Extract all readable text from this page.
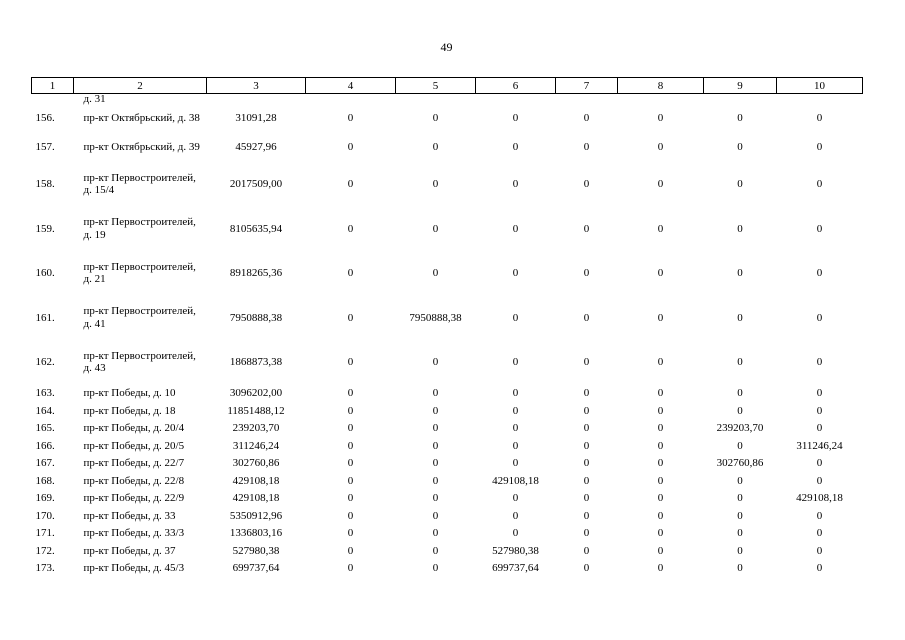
49
1	2	3	4	5	6	7	8	9	10
	д. 31								
156.	пр-кт Октябрьский, д. 38	31091,28	0	0	0	0	0	0	0
157.	пр-кт Октябрьский, д. 39	45927,96	0	0	0	0	0	0	0
158.	пр-кт Первостроителей, д. 15/4	2017509,00	0	0	0	0	0	0	0
159.	пр-кт Первостроителей, д. 19	8105635,94	0	0	0	0	0	0	0
160.	пр-кт Первостроителей, д. 21	8918265,36	0	0	0	0	0	0	0
161.	пр-кт Первостроителей, д. 41	7950888,38	0	7950888,38	0	0	0	0	0
162.	пр-кт Первостроителей, д. 43	1868873,38	0	0	0	0	0	0	0
163.	пр-кт Победы, д. 10	3096202,00	0	0	0	0	0	0	0
164.	пр-кт Победы, д. 18	11851488,12	0	0	0	0	0	0	0
165.	пр-кт Победы, д. 20/4	239203,70	0	0	0	0	0	239203,70	0
166.	пр-кт Победы, д. 20/5	311246,24	0	0	0	0	0	0	311246,24
167.	пр-кт Победы, д. 22/7	302760,86	0	0	0	0	0	302760,86	0
168.	пр-кт Победы, д. 22/8	429108,18	0	0	429108,18	0	0	0	0
169.	пр-кт Победы, д. 22/9	429108,18	0	0	0	0	0	0	429108,18
170.	пр-кт Победы, д. 33	5350912,96	0	0	0	0	0	0	0
171.	пр-кт Победы, д. 33/3	1336803,16	0	0	0	0	0	0	0
172.	пр-кт Победы, д. 37	527980,38	0	0	527980,38	0	0	0	0
173.	пр-кт Победы, д. 45/3	699737,64	0	0	699737,64	0	0	0	0
